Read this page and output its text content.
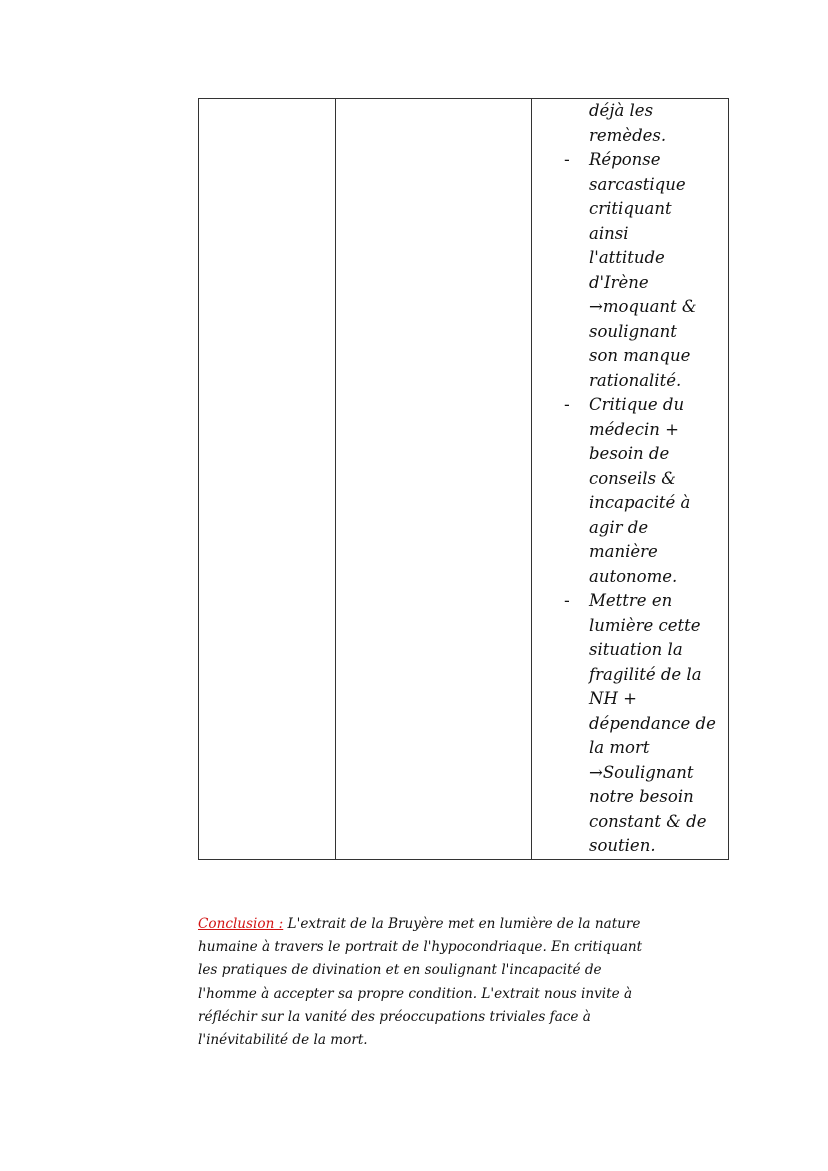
déjà les
remèdes.
- Réponse
sarcastique
critiquant
ainsi
l'attitude
d'Irène
→moquant &
soulignant
son manque
rationalité.
- Critique du
médecin +
besoin de
conseils &
incapacité à
agir de
manière
autonome.
- Mettre en
lumière cette
situation la
fragilité de la
NH +
dépendance de
la mort
→Soulignant
notre besoin
constant & de
soutien.
Conclusion : L'extrait de la Bruyère met en lumière de la nature
humaine à travers le portrait de l'hypocondriaque. En critiquant
les pratiques de divination et en soulignant l'incapacité de
l'homme à accepter sa propre condition. L'extrait nous invite à
réfléchir sur la vanité des préoccupations triviales face à
l'inévitabilité de la mort.
